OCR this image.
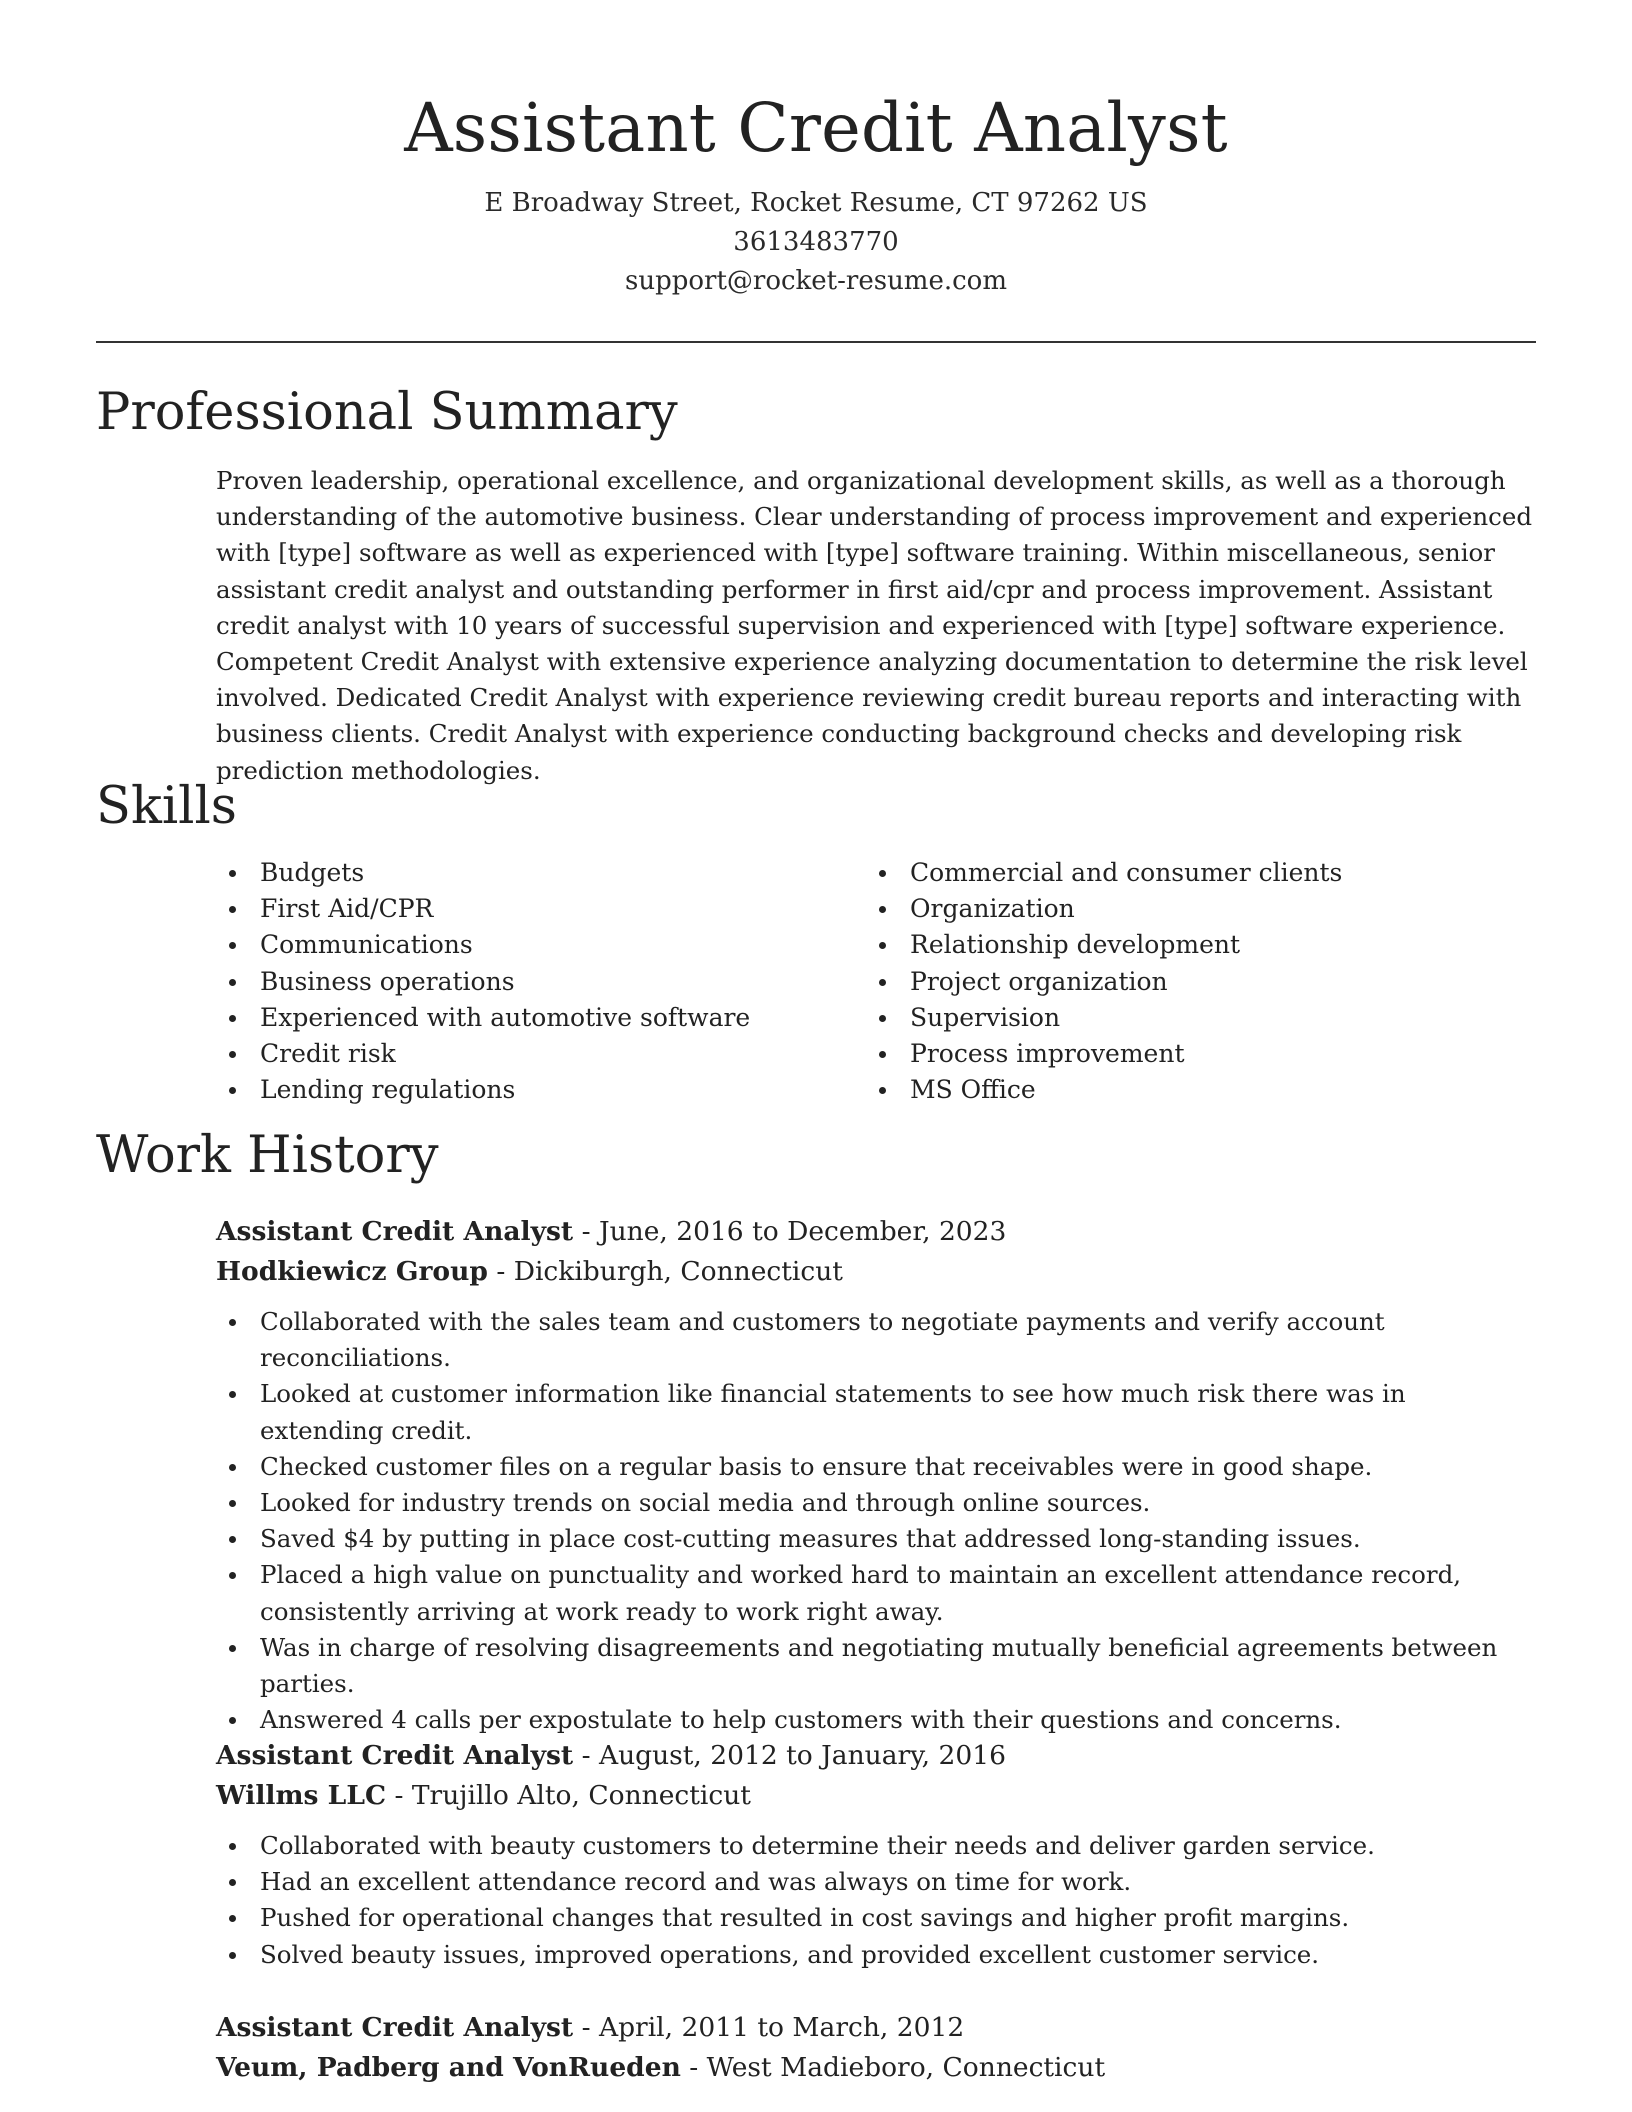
Assistant Credit Analyst
E Broadway Street, Rocket Resume, CT 97262 US
3613483770
support@rocket-resume.com
Professional Summary

Proven leadership, operational excellence, and organizational development skills, as well as a thorough understanding of the automotive business. Clear understanding of process improvement and experienced with [type] software as well as experienced with [type] software training. Within miscellaneous, senior assistant credit analyst and outstanding performer in first aid/cpr and process improvement. Assistant credit analyst with 10 years of successful supervision and experienced with [type] software experience. Competent Credit Analyst with extensive experience analyzing documentation to determine the risk level involved. Dedicated Credit Analyst with experience reviewing credit bureau reports and interacting with business clients. Credit Analyst with experience conducting background checks and developing risk prediction methodologies.

Skills
Budgets
First Aid/CPR
Communications
Business operations
Experienced with automotive software
Credit risk
Lending regulations
Commercial and consumer clients
Organization
Relationship development
Project organization
Supervision
Process improvement
MS Office
Work History
Assistant Credit Analyst - June, 2016 to December, 2023
Hodkiewicz Group - Dickiburgh, Connecticut
Collaborated with the sales team and customers to negotiate payments and verify account reconciliations.
Looked at customer information like financial statements to see how much risk there was in extending credit.
Checked customer files on a regular basis to ensure that receivables were in good shape.
Looked for industry trends on social media and through online sources.
Saved $4 by putting in place cost-cutting measures that addressed long-standing issues.
Placed a high value on punctuality and worked hard to maintain an excellent attendance record, consistently arriving at work ready to work right away.
Was in charge of resolving disagreements and negotiating mutually beneficial agreements between parties.
Answered 4 calls per expostulate to help customers with their questions and concerns.
Assistant Credit Analyst - August, 2012 to January, 2016
Willms LLC - Trujillo Alto, Connecticut
Collaborated with beauty customers to determine their needs and deliver garden service.
Had an excellent attendance record and was always on time for work.
Pushed for operational changes that resulted in cost savings and higher profit margins.
Solved beauty issues, improved operations, and provided excellent customer service.
Assistant Credit Analyst - April, 2011 to March, 2012
Veum, Padberg and VonRueden - West Madieboro, Connecticut
